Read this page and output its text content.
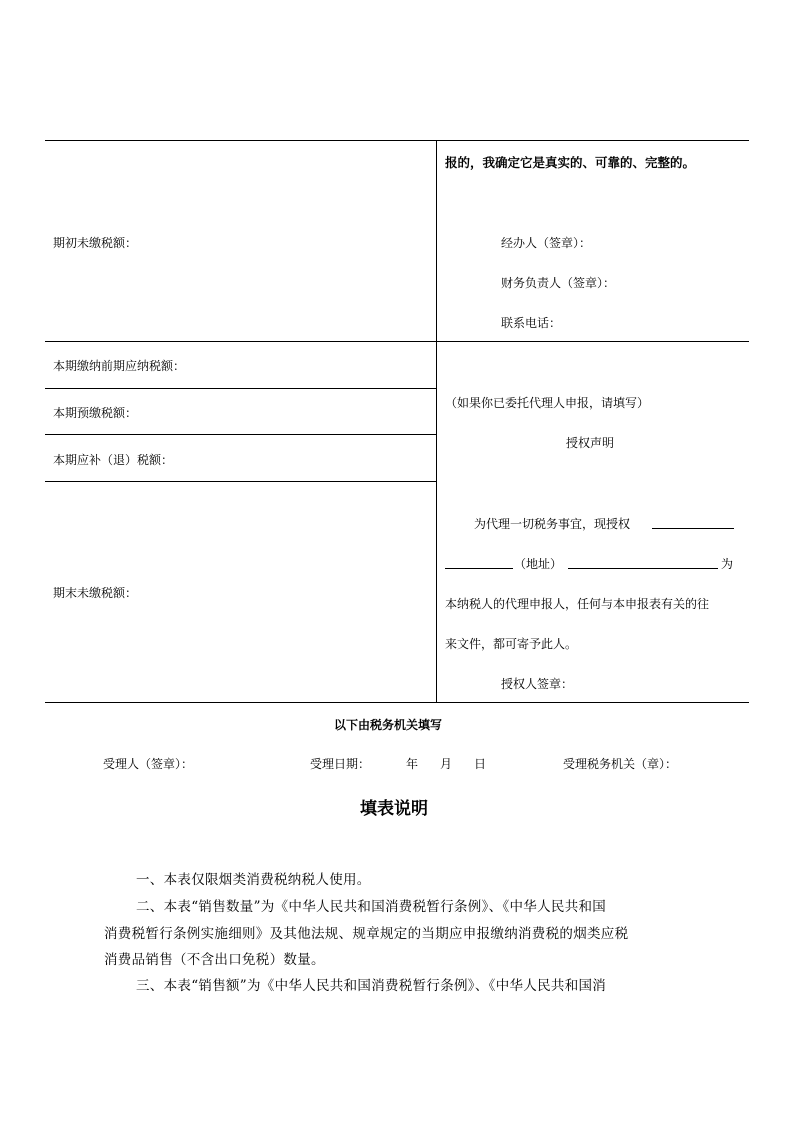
期初未缴税额：
本期缴纳前期应纳税额：
本期预缴税额：
本期应补（退）税额：
期末未缴税额：
报的，我确定它是真实的、可靠的、完整的。
经办人（签章）：
财务负责人（签章）：
联系电话：
（如果你已委托代理人申报，请填写）
授权声明
为代理一切税务事宜，现授权
（地址）	为
本纳税人的代理申报人，任何与本申报表有关的往
来文件，都可寄予此人。
授权人签章：
以下由税务机关填写
受理人（签章）：	受理日期：	年 月 日	受理税务机关（章）：
填表说明
一、本表仅限烟类消费税纳税人使用。
二、本表“销售数量”为《中华人民共和国消费税暂行条例》、《中华人民共和国
消费税暂行条例实施细则》及其他法规、规章规定的当期应申报缴纳消费税的烟类应税
消费品销售（不含出口免税）数量。
三、本表“销售额”为《中华人民共和国消费税暂行条例》、《中华人民共和国消
